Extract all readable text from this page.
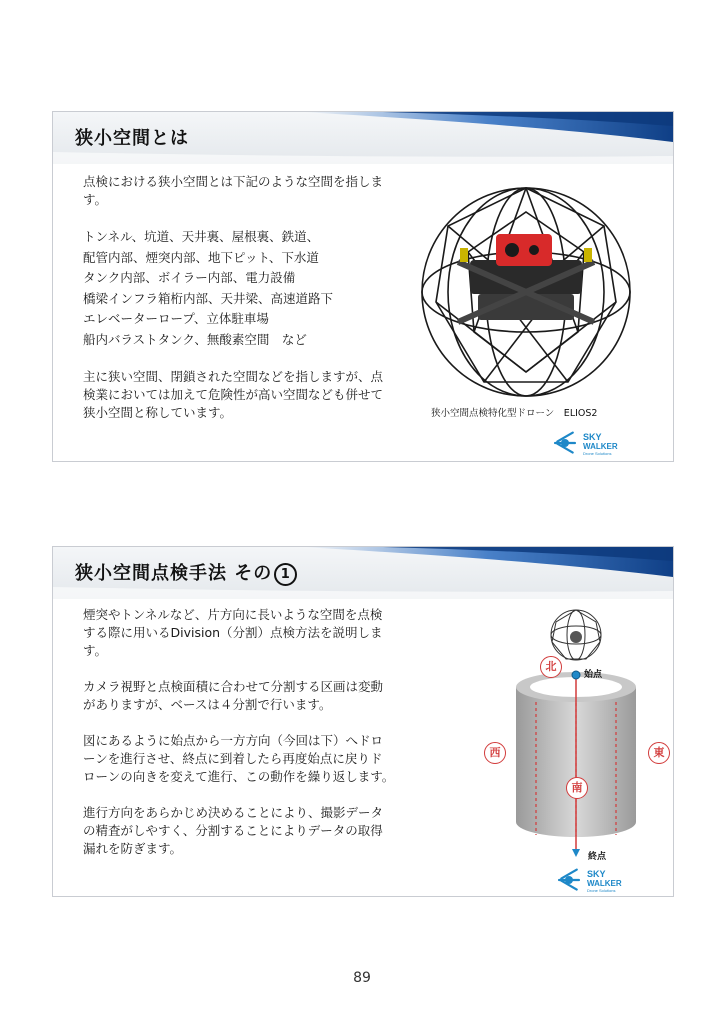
狭小空間とは

点検における狭小空間とは下記のような空間を指しま

す。

トンネル、坑道、天井裏、屋根裏、鉄道、

配管内部、煙突内部、地下ピット、下水道

タンク内部、ボイラー内部、電力設備

橋梁インフラ箱桁内部、天井梁、高速道路下

エレベーターロープ、立体駐車場

船内バラストタンク、無酸素空間　など

主に狭い空間、閉鎖された空間などを指しますが、点

検業においては加えて危険性が高い空間なども併せて

狭小空間と称しています。	狭小空間点検特化型ドローン　ELIOS2
SKY
WALKER
Drone Solutions
狭小空間点検手法 その 1

煙突やトンネルなど、片方向に長いような空間を点検

する際に用いるDivision（分割）点検方法を説明しま

す。

カメラ視野と点検面積に合わせて分割する区画は変動

がありますが、ベースは４分割で行います。

図にあるように始点から一方方向（今回は下）へドロ

ーンを進行させ、終点に到着したら再度始点に戻りド

ローンの向きを変えて進行、この動作を繰り返します。

進行方向をあらかじめ決めることにより、撮影データ

の精査がしやすく、分割することによりデータの取得

漏れを防ぎます。

北
始点
西	東
南
終点
SKY
WALKER
Drone Solutions
89
